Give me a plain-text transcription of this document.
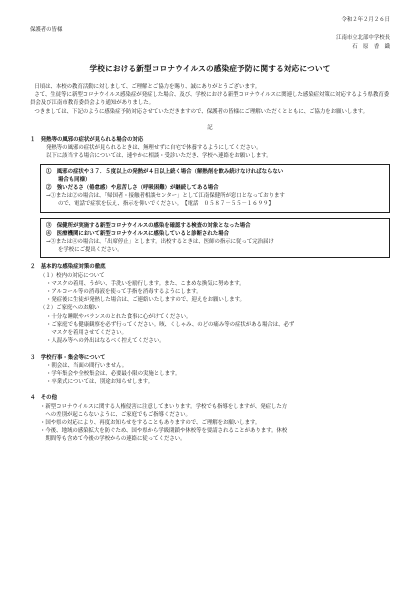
令和２年２月２６日
保護者の皆様
江南市立北部中学校長
石　原　香　織
学校における新型コロナウイルスの感染症予防に関する対応について

日頃は、本校の教育活動に対しまして、ご理解とご協力を賜り、誠にありがとうございます。

さて、生徒等に新型コロナウイルス感染症が発症した場合、及び、学校における新型コロナウイルスに関連した感染症対策に対応するよう県教育委員会及び江南市教育委員会より通知がありました。

つきましては、下記のように感染症予防対応させていただきますので、保護者の皆様にご理解いただくとともに、ご協力をお願いします。

記
１　発熱等の風邪の症状が見られる場合の対応
発熱等の風邪の症状が見られるときは、無理せずに自宅で休養するようにしてください。
以下に該当する場合については、速やかに相談・受診いただき、学校へ連絡をお願いします。
①　風邪の症状や３７．５度以上の発熱が４日以上続く場合（解熱剤を飲み続けなければならない
場合も同様）
②　強いだるさ（倦怠感）や息苦しさ（呼吸困難）が継続してある場合
→①または②の場合は、「帰国者・接触者相談センター」として江南保健所が窓口となっております
ので、電話で症状を伝え、指示を仰いでください。　【電話　０５８７－５５－１６９９】
③　保健所が実施する新型コロナウイルスの感染を確認する検査の対象となった場合
④　医療機関において新型コロナウイルスに感染していると診断された場合
→③または④の場合は、「出席停止」とします。出校するときは、医師の指示に従って完治届け
を学校にご提出ください。
２　基本的な感染症対策の徹底
（１）校内の対応について
・マスクの着用、うがい、手洗いを励行します。また、こまめな換気に努めます。
・アルコール等の消毒液を使って手指を消毒するようにします。
・発症後に生徒が発熱した場合は、ご連絡いたしますので、迎えをお願いします。
（２）ご家庭へのお願い
・十分な睡眠やバランスのとれた食事に心がけてください。
・ご家庭でも健康観察を必ず行ってください。咳、くしゃみ、のどの痛み等の症状がある場合は、必ず
　マスクを着用させてください。
・人混み等への外出はなるべく控えてください。
３　学校行事・集会等について
・朝会は、当面の間行いません。
・学年集会や全校集会は、必要最小限の実施とします。
・卒業式については、別途お知らせします。
４　その他
・新型コロナウイルスに関する人権侵害に注意してまいります。学校でも指導をしますが、発症した方
　への差別が起こらないように、ご家庭でもご指導ください。
・国や県の対応により、再度お知らせをすることもありますので、ご理解をお願いします。
・今後、地域の感染拡大を防ぐため、国や県から学級閉鎖や休校等を要請されることがあります。休校
　期間等も含めて今後の学校からの連絡に従ってください。
